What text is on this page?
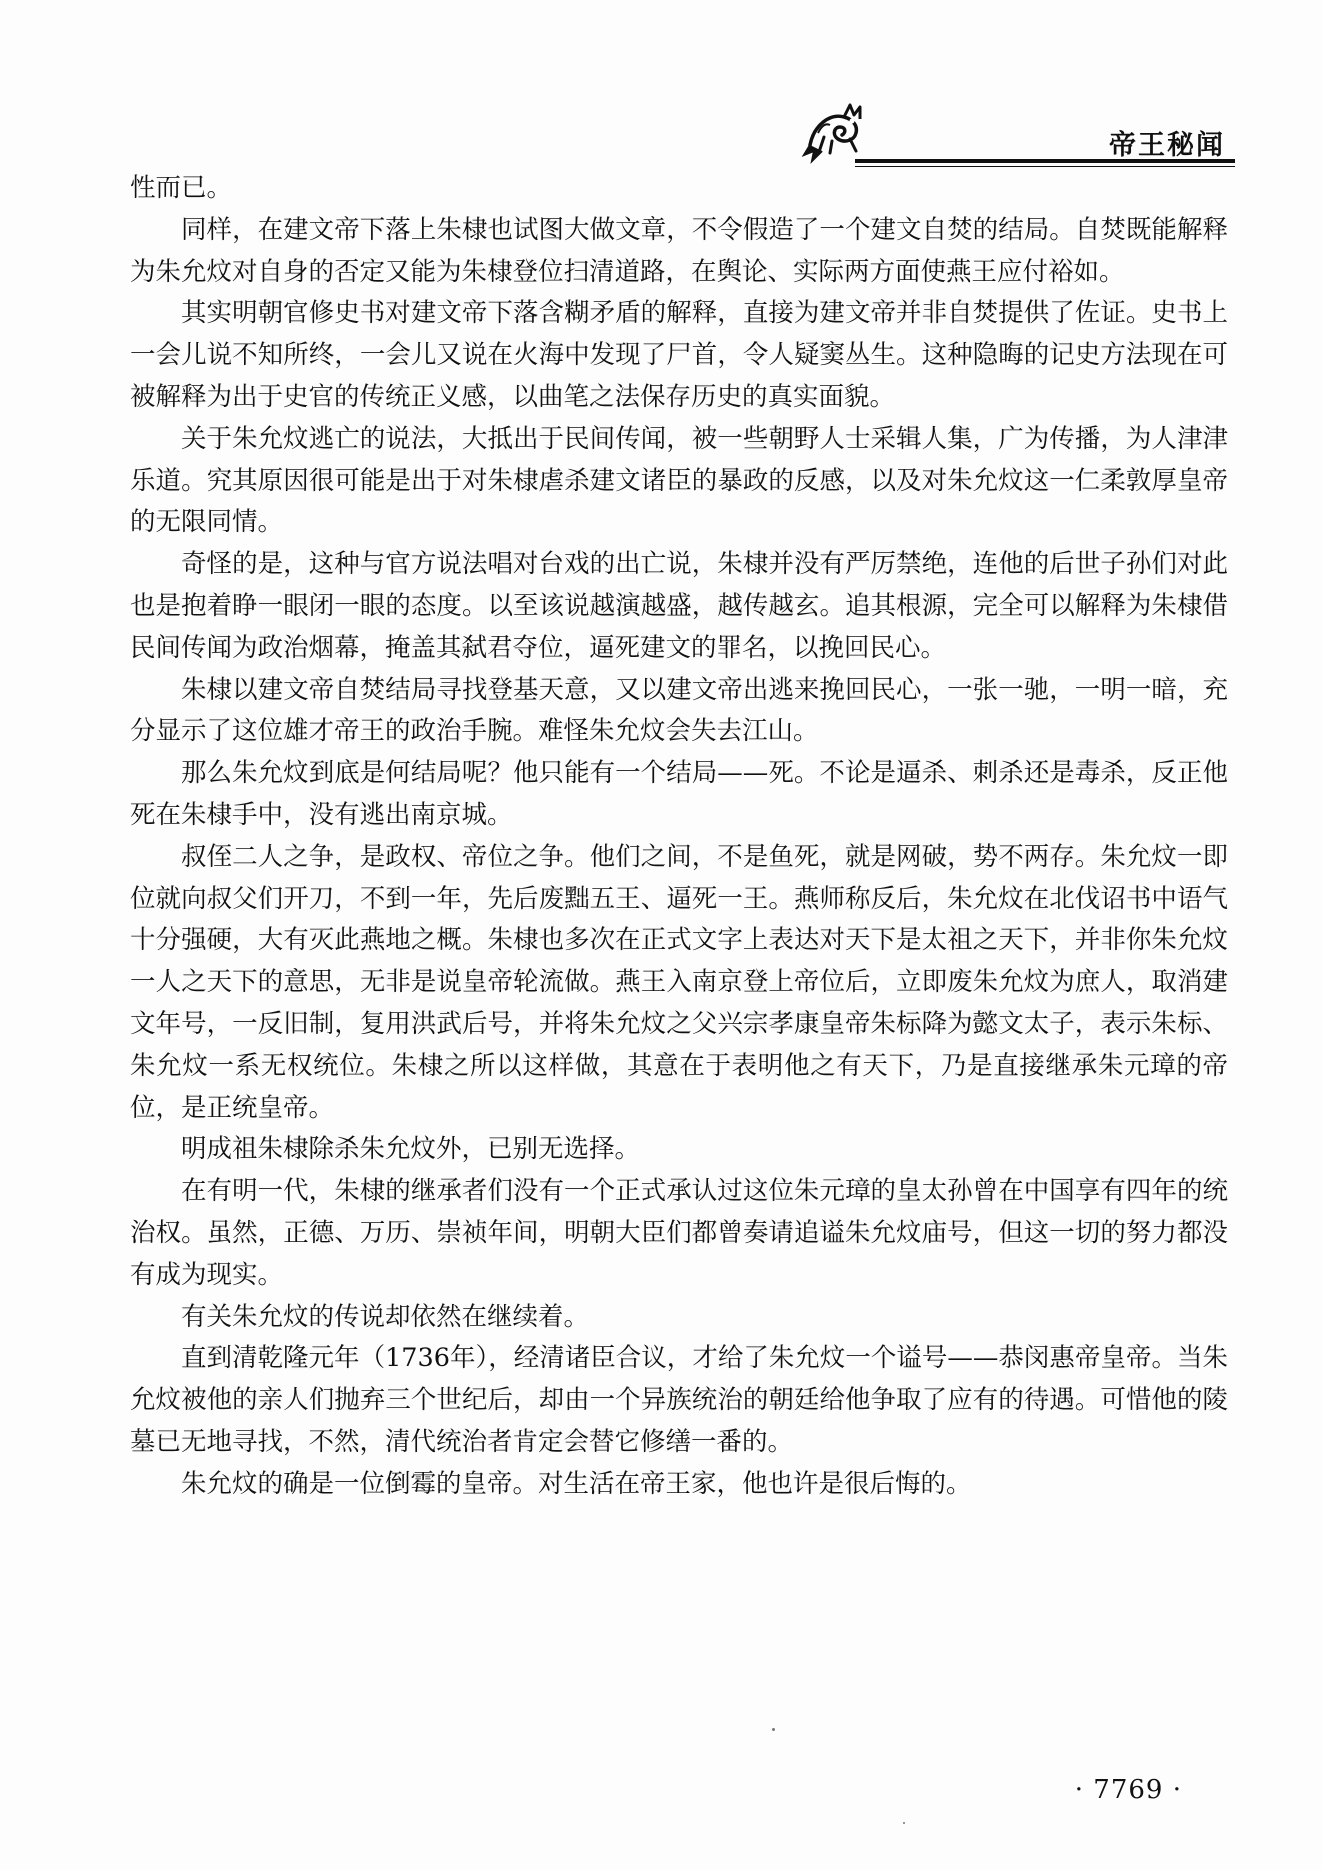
帝王秘闻

性而已。

同样，在建文帝下落上朱棣也试图大做文章，不令假造了一个建文自焚的结局。自焚既能解释为朱允炆对自身的否定又能为朱棣登位扫清道路，在舆论、实际两方面使燕王应付裕如。

其实明朝官修史书对建文帝下落含糊矛盾的解释，直接为建文帝并非自焚提供了佐证。史书上一会儿说不知所终，一会儿又说在火海中发现了尸首，令人疑窦丛生。这种隐晦的记史方法现在可被解释为出于史官的传统正义感，以曲笔之法保存历史的真实面貌。

关于朱允炆逃亡的说法，大抵出于民间传闻，被一些朝野人士采辑人集，广为传播，为人津津乐道。究其原因很可能是出于对朱棣虐杀建文诸臣的暴政的反感，以及对朱允炆这一仁柔敦厚皇帝的无限同情。

奇怪的是，这种与官方说法唱对台戏的出亡说，朱棣并没有严厉禁绝，连他的后世子孙们对此也是抱着睁一眼闭一眼的态度。以至该说越演越盛，越传越玄。追其根源，完全可以解释为朱棣借民间传闻为政治烟幕，掩盖其弑君夺位，逼死建文的罪名，以挽回民心。

朱棣以建文帝自焚结局寻找登基天意，又以建文帝出逃来挽回民心，一张一驰，一明一暗，充分显示了这位雄才帝王的政治手腕。难怪朱允炆会失去江山。

那么朱允炆到底是何结局呢？他只能有一个结局——死。不论是逼杀、刺杀还是毒杀，反正他死在朱棣手中，没有逃出南京城。

叔侄二人之争，是政权、帝位之争。他们之间，不是鱼死，就是网破，势不两存。朱允炆一即位就向叔父们开刀，不到一年，先后废黜五王、逼死一王。燕师称反后，朱允炆在北伐诏书中语气十分强硬，大有灭此燕地之概。朱棣也多次在正式文字上表达对天下是太祖之天下，并非你朱允炆一人之天下的意思，无非是说皇帝轮流做。燕王入南京登上帝位后，立即废朱允炆为庶人，取消建文年号，一反旧制，复用洪武后号，并将朱允炆之父兴宗孝康皇帝朱标降为懿文太子，表示朱标、朱允炆一系无权统位。朱棣之所以这样做，其意在于表明他之有天下，乃是直接继承朱元璋的帝位，是正统皇帝。

明成祖朱棣除杀朱允炆外，已别无选择。

在有明一代，朱棣的继承者们没有一个正式承认过这位朱元璋的皇太孙曾在中国享有四年的统治权。虽然，正德、万历、崇祯年间，明朝大臣们都曾奏请追谥朱允炆庙号，但这一切的努力都没有成为现实。

有关朱允炆的传说却依然在继续着。

直到清乾隆元年（1736年），经清诸臣合议，才给了朱允炆一个谥号——恭闵惠帝皇帝。当朱允炆被他的亲人们抛弃三个世纪后，却由一个异族统治的朝廷给他争取了应有的待遇。可惜他的陵墓已无地寻找，不然，清代统治者肯定会替它修缮一番的。

朱允炆的确是一位倒霉的皇帝。对生活在帝王家，他也许是很后悔的。

· 7769 ·
